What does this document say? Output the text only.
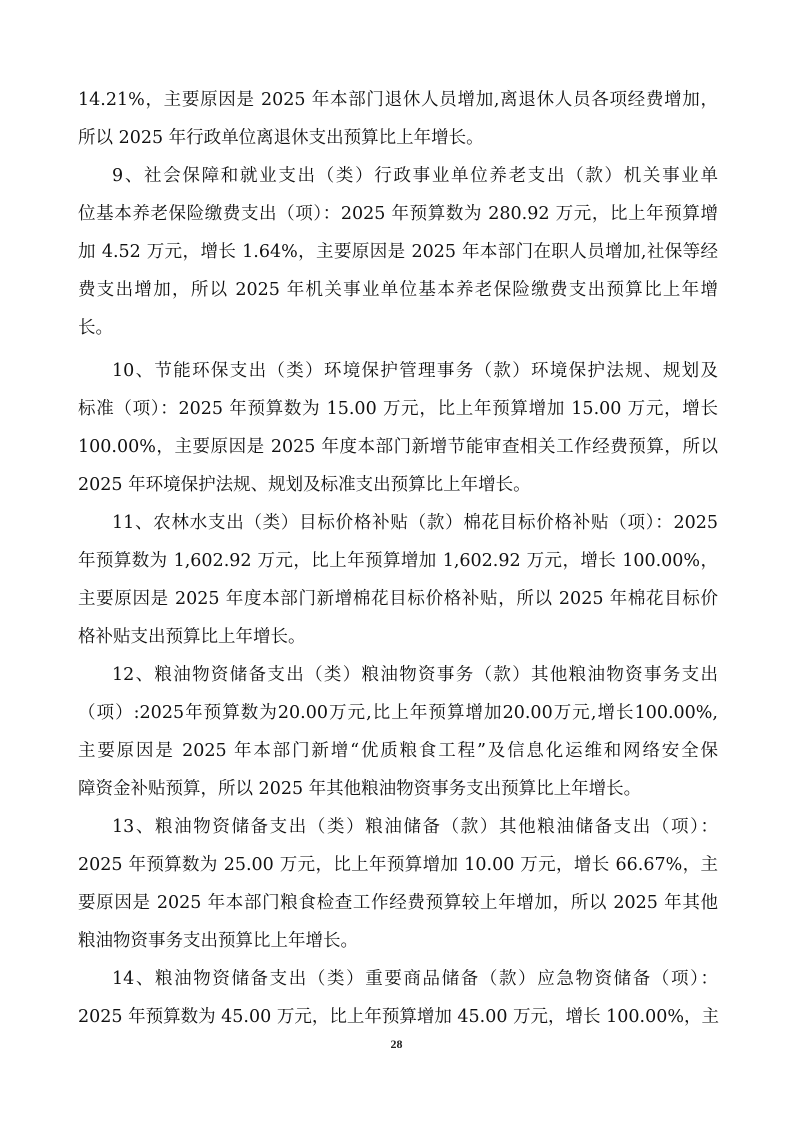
14.21%，主要原因是 2025 年本部门退休人员增加,离退休人员各项经费增加，
所以 2025 年行政单位离退休支出预算比上年增长。
9、社会保障和就业支出（类）行政事业单位养老支出（款）机关事业单
位基本养老保险缴费支出（项）：2025 年预算数为 280.92 万元，比上年预算增
加 4.52 万元，增长 1.64%，主要原因是 2025 年本部门在职人员增加,社保等经
费支出增加，所以 2025 年机关事业单位基本养老保险缴费支出预算比上年增
长。
10、节能环保支出（类）环境保护管理事务（款）环境保护法规、规划及
标准（项）：2025 年预算数为 15.00 万元，比上年预算增加 15.00 万元，增长
100.00%，主要原因是 2025 年度本部门新增节能审查相关工作经费预算，所以
2025 年环境保护法规、规划及标准支出预算比上年增长。
11、农林水支出（类）目标价格补贴（款）棉花目标价格补贴（项）：2025
年预算数为 1,602.92 万元，比上年预算增加 1,602.92 万元，增长 100.00%，
主要原因是 2025 年度本部门新增棉花目标价格补贴，所以 2025 年棉花目标价
格补贴支出预算比上年增长。
12、粮油物资储备支出（类）粮油物资事务（款）其他粮油物资事务支出
（项）:2025年预算数为20.00万元,比上年预算增加20.00万元,增长100.00%,
主要原因是 2025 年本部门新增“优质粮食工程”及信息化运维和网络安全保
障资金补贴预算，所以 2025 年其他粮油物资事务支出预算比上年增长。
13、粮油物资储备支出（类）粮油储备（款）其他粮油储备支出（项）：
2025 年预算数为 25.00 万元，比上年预算增加 10.00 万元，增长 66.67%，主
要原因是 2025 年本部门粮食检查工作经费预算较上年增加，所以 2025 年其他
粮油物资事务支出预算比上年增长。
14、粮油物资储备支出（类）重要商品储备（款）应急物资储备（项）：
2025 年预算数为 45.00 万元，比上年预算增加 45.00 万元，增长 100.00%，主
28
